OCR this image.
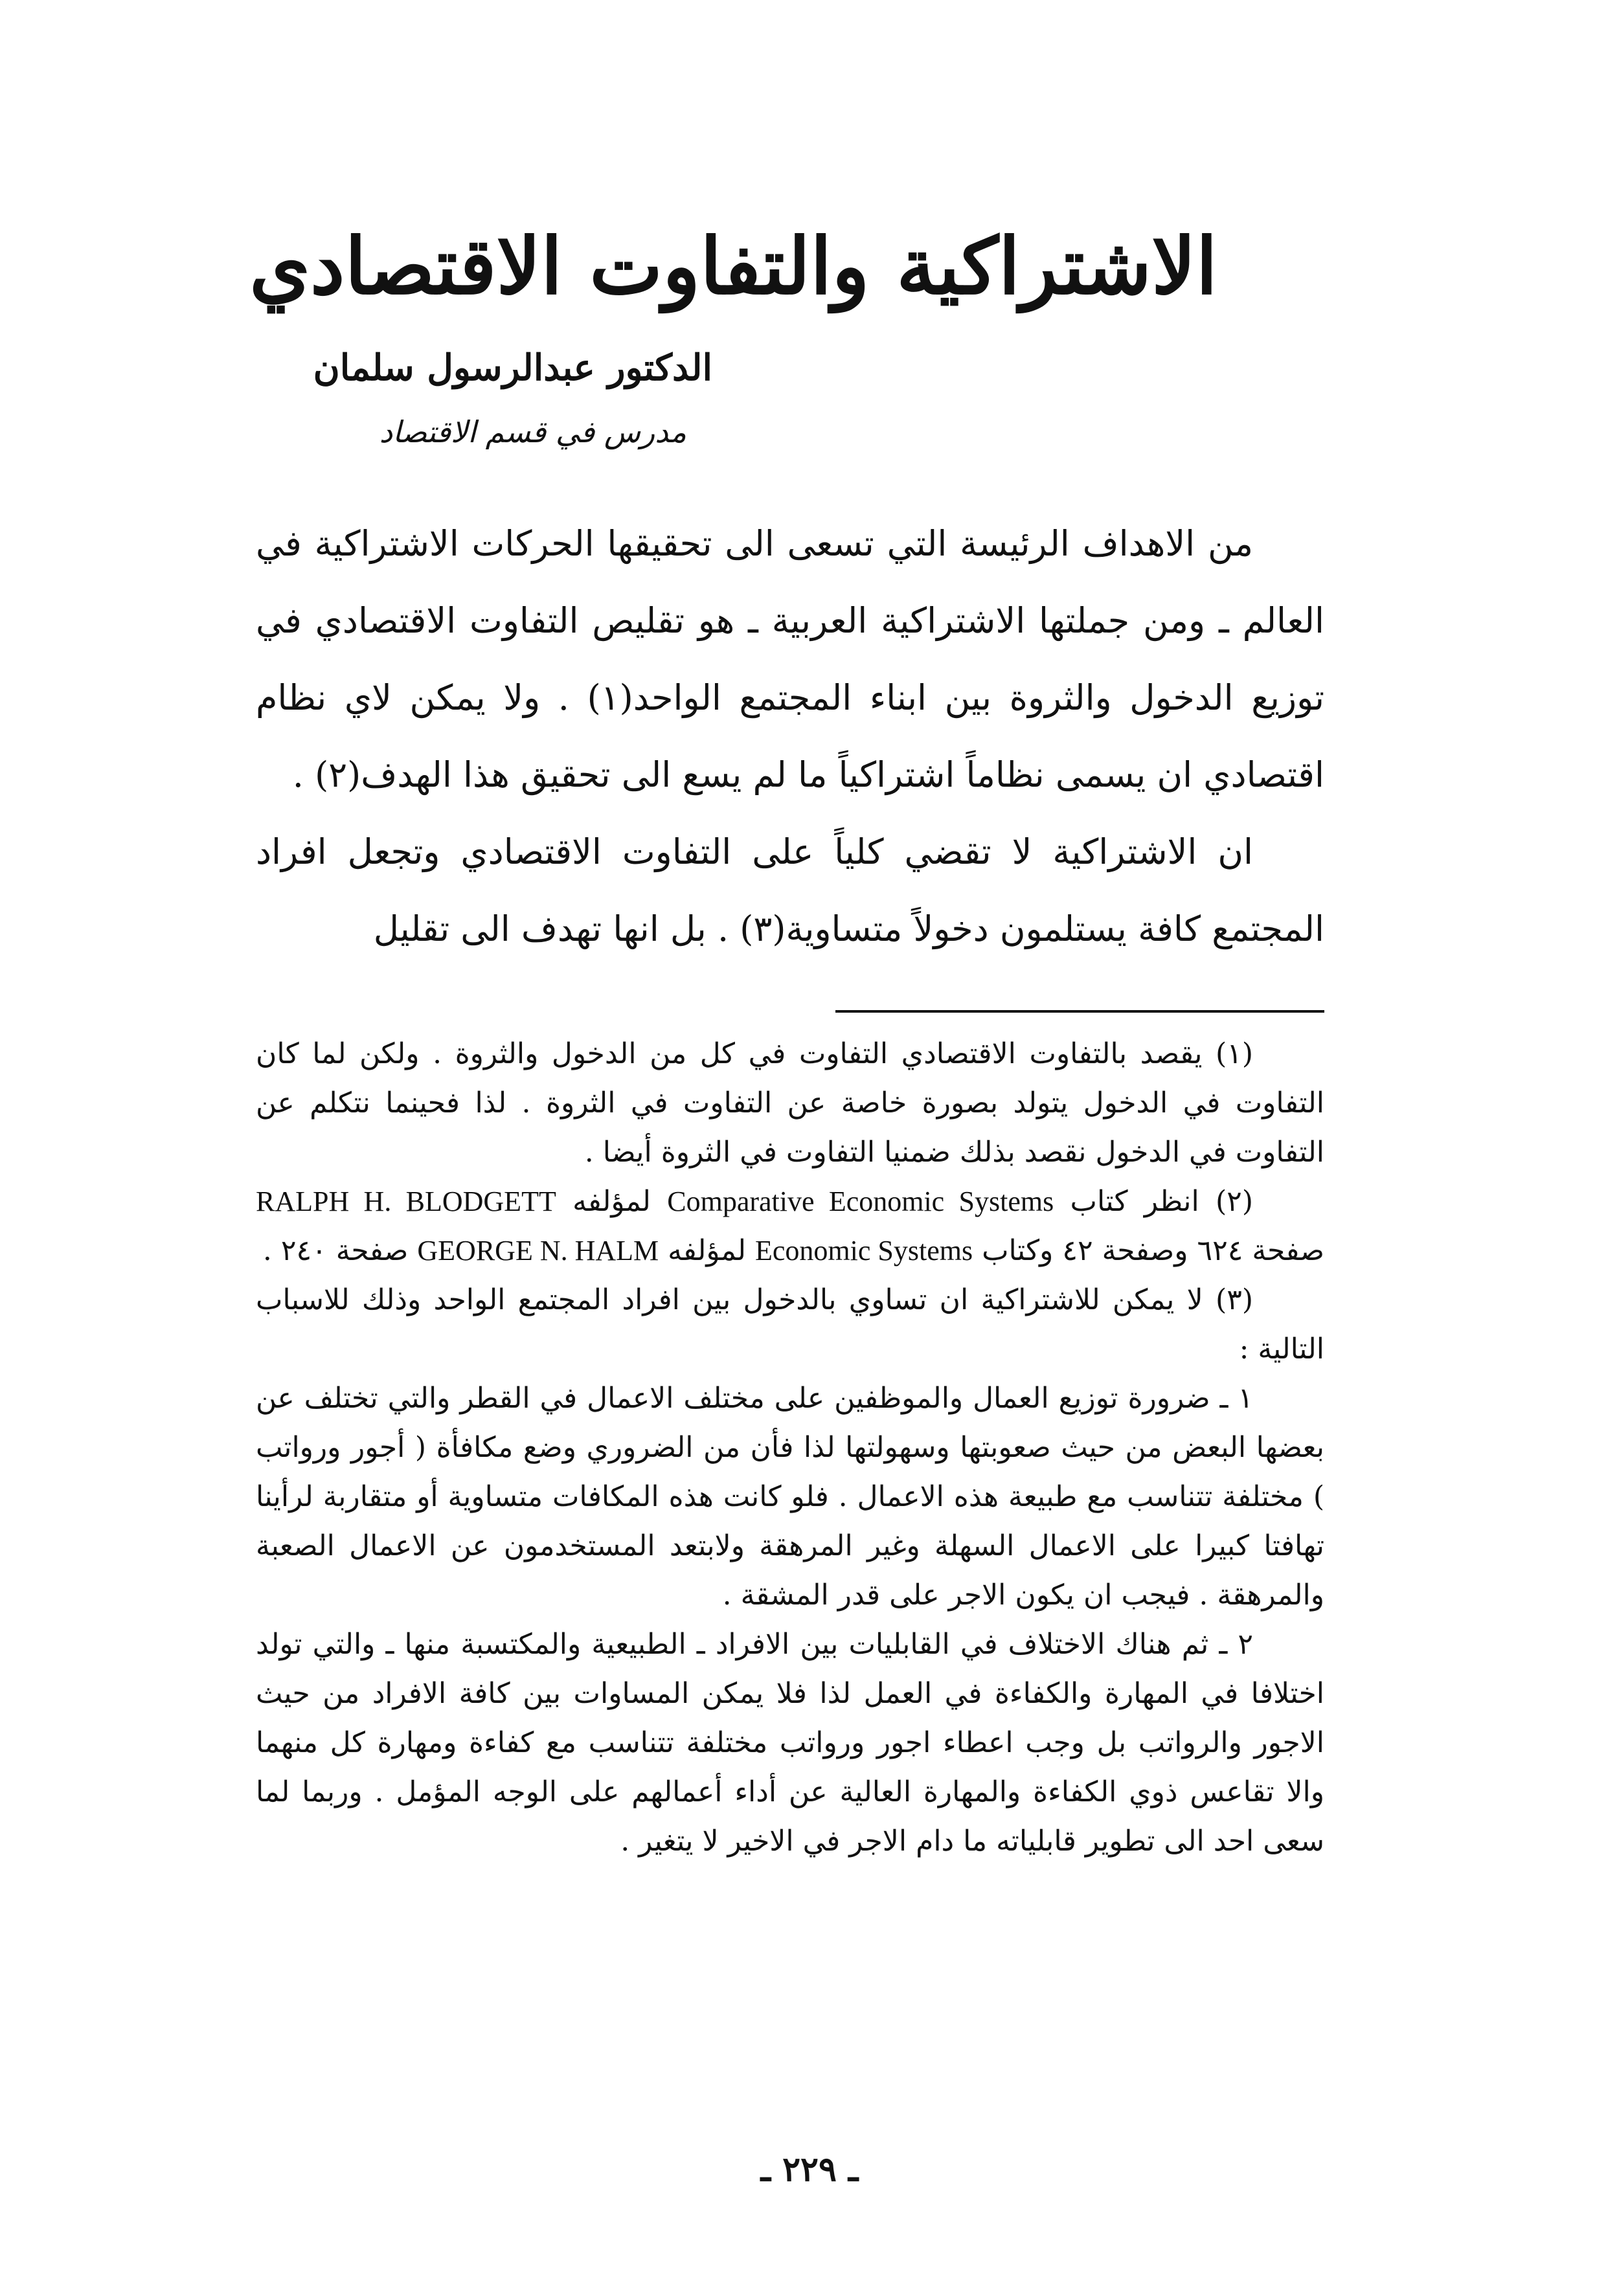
الاشتراكية والتفاوت الاقتصادي
الدكتور عبدالرسول سلمان
مدرس في قسم الاقتصاد

من الاهداف الرئيسة التي تسعى الى تحقيقها الحركات الاشتراكية في العالم ـ ومن جملتها الاشتراكية العربية ـ هو تقليص التفاوت الاقتصادي في توزيع الدخول والثروة بين ابناء المجتمع الواحد(١) . ولا يمكن لاي نظام اقتصادي ان يسمى نظاماً اشتراكياً ما لم يسع الى تحقيق هذا الهدف(٢) .

ان الاشتراكية لا تقضي كلياً على التفاوت الاقتصادي وتجعل افراد المجتمع كافة يستلمون دخولاً متساوية(٣) . بل انها تهدف الى تقليل

(١) يقصد بالتفاوت الاقتصادي التفاوت في كل من الدخول والثروة . ولكن لما كان التفاوت في الدخول يتولد بصورة خاصة عن التفاوت في الثروة . لذا فحينما نتكلم عن التفاوت في الدخول نقصد بذلك ضمنيا التفاوت في الثروة أيضا .

(٢) انظر كتاب Comparative Economic Systems لمؤلفه RALPH H. BLODGETT صفحة ٦٢٤ وصفحة ٤٢ وكتاب Economic Systems لمؤلفه GEORGE N. HALM صفحة ٢٤٠ .

(٣) لا يمكن للاشتراكية ان تساوي بالدخول بين افراد المجتمع الواحد وذلك للاسباب التالية :

١ ـ ضرورة توزيع العمال والموظفين على مختلف الاعمال في القطر والتي تختلف عن بعضها البعض من حيث صعوبتها وسهولتها لذا فأن من الضروري وضع مكافأة ( أجور ورواتب ) مختلفة تتناسب مع طبيعة هذه الاعمال . فلو كانت هذه المكافات متساوية أو متقاربة لرأينا تهافتا كبيرا على الاعمال السهلة وغير المرهقة ولابتعد المستخدمون عن الاعمال الصعبة والمرهقة . فيجب ان يكون الاجر على قدر المشقة .

٢ ـ ثم هناك الاختلاف في القابليات بين الافراد ـ الطبيعية والمكتسبة منها ـ والتي تولد اختلافا في المهارة والكفاءة في العمل لذا فلا يمكن المساوات بين كافة الافراد من حيث الاجور والرواتب بل وجب اعطاء اجور ورواتب مختلفة تتناسب مع كفاءة ومهارة كل منهما والا تقاعس ذوي الكفاءة والمهارة العالية عن أداء أعمالهم على الوجه المؤمل . وربما لما سعى احد الى تطوير قابلياته ما دام الاجر في الاخير لا يتغير .

ـ ٢٢٩ ـ
